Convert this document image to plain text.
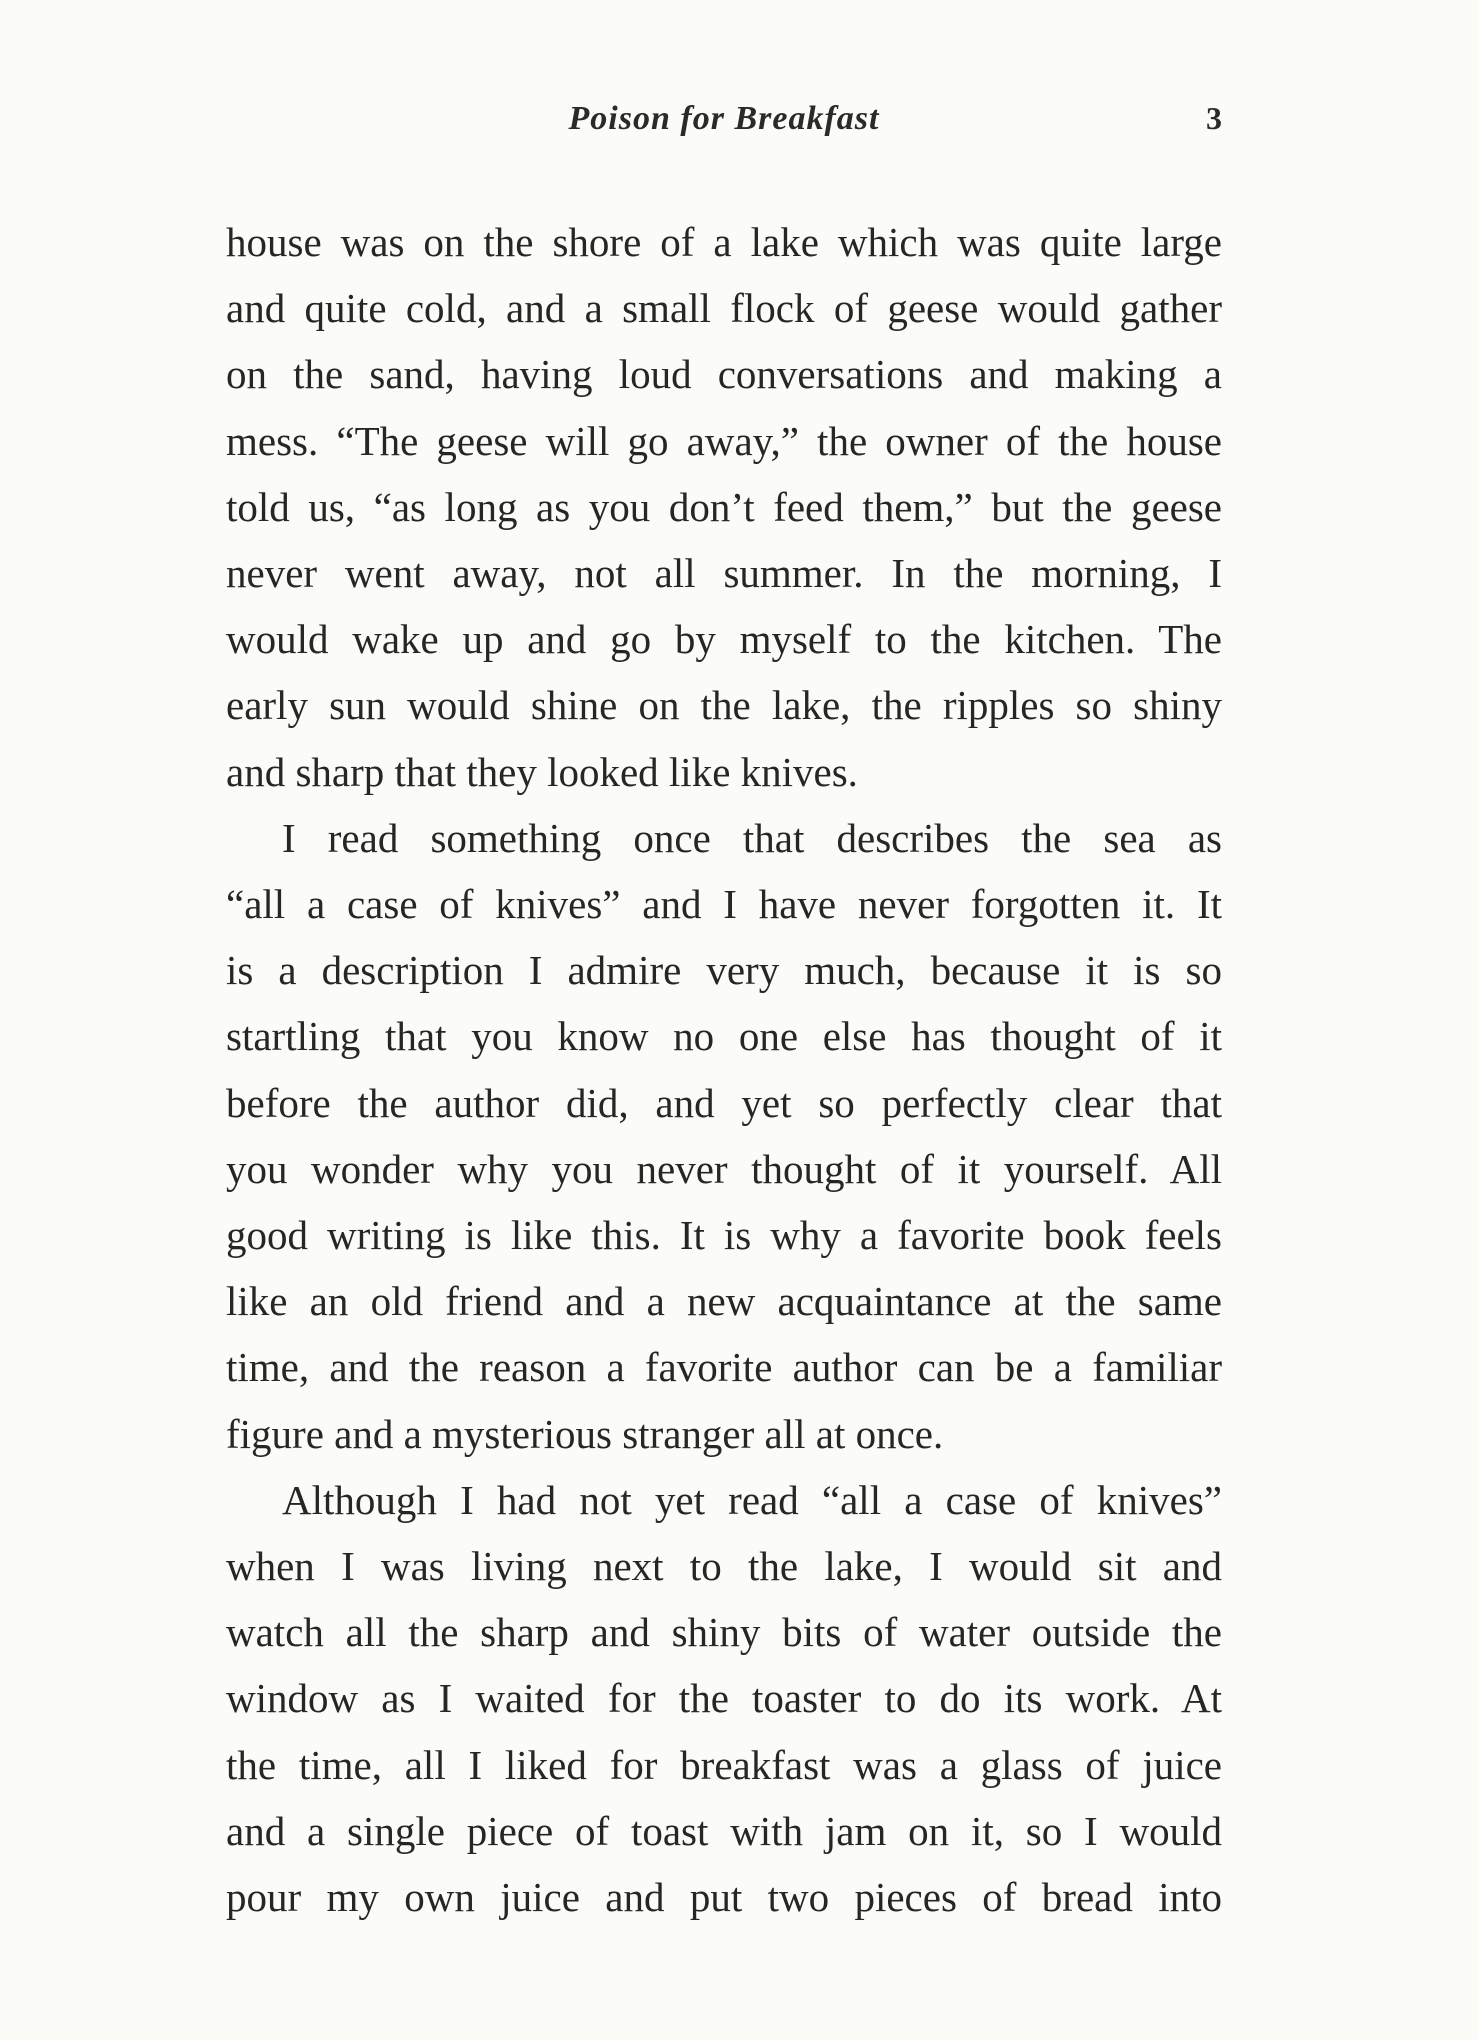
Poison for Breakfast	3
house was on the shore of a lake which was quite large
and quite cold, and a small flock of geese would gather
on the sand, having loud conversations and making a
mess. “The geese will go away,” the owner of the house
told us, “as long as you don’t feed them,” but the geese
never went away, not all summer. In the morning, I
would wake up and go by myself to the kitchen. The
early sun would shine on the lake, the ripples so shiny
and sharp that they looked like knives.
I read something once that describes the sea as
“all a case of knives” and I have never forgotten it. It
is a description I admire very much, because it is so
startling that you know no one else has thought of it
before the author did, and yet so perfectly clear that
you wonder why you never thought of it yourself. All
good writing is like this. It is why a favorite book feels
like an old friend and a new acquaintance at the same
time, and the reason a favorite author can be a familiar
figure and a mysterious stranger all at once.
Although I had not yet read “all a case of knives”
when I was living next to the lake, I would sit and
watch all the sharp and shiny bits of water outside the
window as I waited for the toaster to do its work. At
the time, all I liked for breakfast was a glass of juice
and a single piece of toast with jam on it, so I would
pour my own juice and put two pieces of bread into
